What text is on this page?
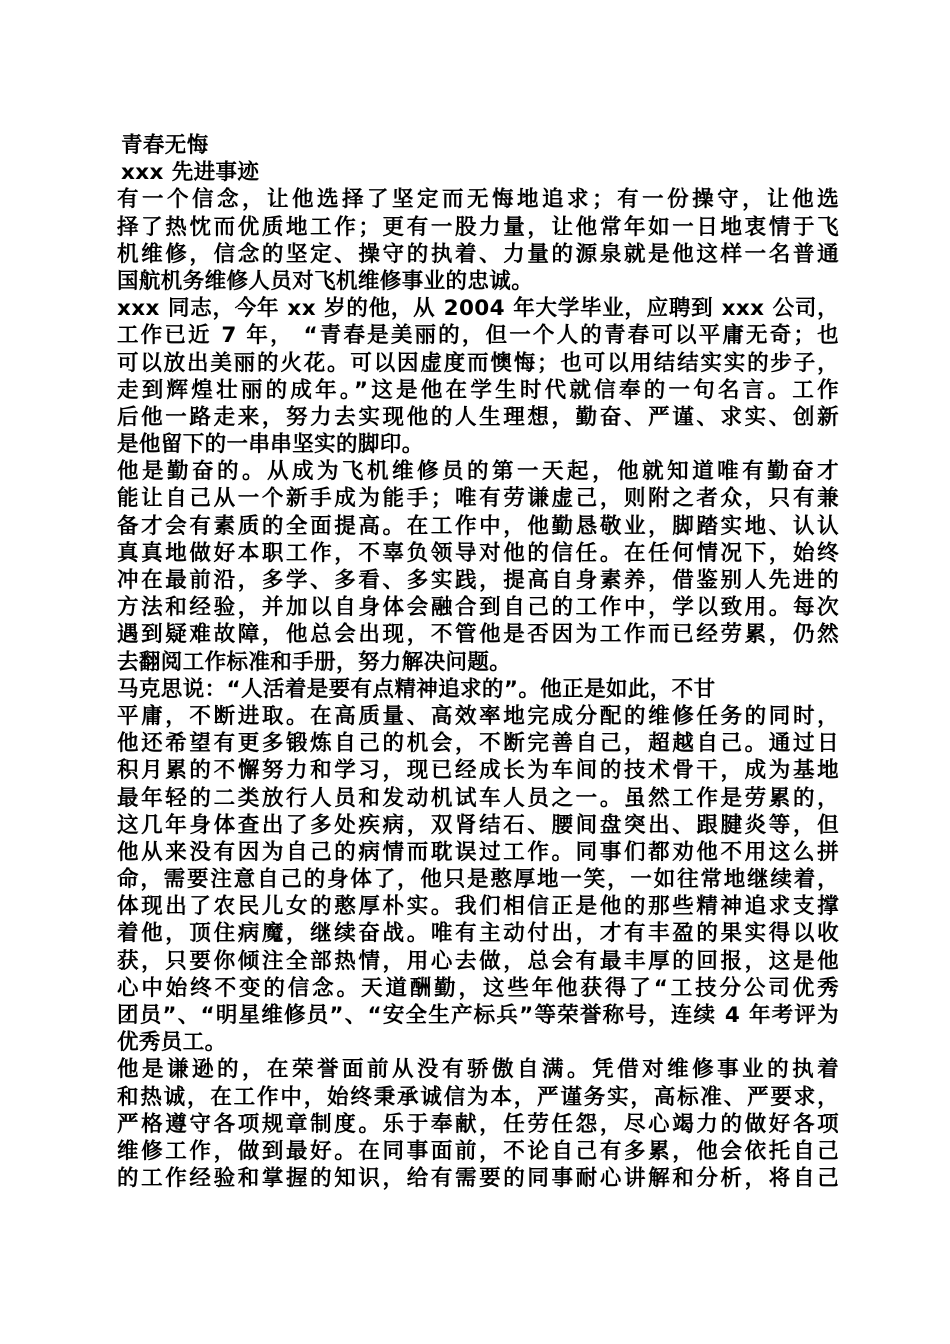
青春无悔
xxx 先进事迹
有一个信念，让他选择了坚定而无悔地追求；有一份操守，让他选
择了热忱而优质地工作；更有一股力量，让他常年如一日地衷情于飞
机维修，信念的坚定、操守的执着、力量的源泉就是他这样一名普通
国航机务维修人员对飞机维修事业的忠诚。
xxx 同志，今年 xx 岁的他，从 2004 年大学毕业，应聘到 xxx 公司，
工作已近 7 年， “青春是美丽的，但一个人的青春可以平庸无奇；也
可以放出美丽的火花。可以因虚度而懊悔；也可以用结结实实的步子，
走到辉煌壮丽的成年。”这是他在学生时代就信奉的一句名言。工作
后他一路走来，努力去实现他的人生理想，勤奋、严谨、求实、创新
是他留下的一串串坚实的脚印。
他是勤奋的。从成为飞机维修员的第一天起，他就知道唯有勤奋才
能让自己从一个新手成为能手；唯有劳谦虚己，则附之者众，只有兼
备才会有素质的全面提高。在工作中，他勤恳敬业，脚踏实地、认认
真真地做好本职工作，不辜负领导对他的信任。在任何情况下，始终
冲在最前沿，多学、多看、多实践，提高自身素养，借鉴别人先进的
方法和经验，并加以自身体会融合到自己的工作中，学以致用。每次
遇到疑难故障，他总会出现，不管他是否因为工作而已经劳累，仍然
去翻阅工作标准和手册，努力解决问题。
马克思说：“人活着是要有点精神追求的”。他正是如此，不甘
平庸，不断进取。在高质量、高效率地完成分配的维修任务的同时，
他还希望有更多锻炼自己的机会，不断完善自己，超越自己。通过日
积月累的不懈努力和学习，现已经成长为车间的技术骨干，成为基地
最年轻的二类放行人员和发动机试车人员之一。虽然工作是劳累的，
这几年身体查出了多处疾病，双肾结石、腰间盘突出、跟腱炎等，但
他从来没有因为自己的病情而耽误过工作。同事们都劝他不用这么拼
命，需要注意自己的身体了，他只是憨厚地一笑，一如往常地继续着，
体现出了农民儿女的憨厚朴实。我们相信正是他的那些精神追求支撑
着他，顶住病魔，继续奋战。唯有主动付出，才有丰盈的果实得以收
获，只要你倾注全部热情，用心去做，总会有最丰厚的回报，这是他
心中始终不变的信念。天道酬勤，这些年他获得了“工技分公司优秀
团员”、“明星维修员”、“安全生产标兵”等荣誉称号，连续 4 年考评为
优秀员工。
他是谦逊的，在荣誉面前从没有骄傲自满。凭借对维修事业的执着
和热诚，在工作中，始终秉承诚信为本，严谨务实，高标准、严要求，
严格遵守各项规章制度。乐于奉献，任劳任怨，尽心竭力的做好各项
维修工作，做到最好。在同事面前，不论自己有多累，他会依托自己
的工作经验和掌握的知识，给有需要的同事耐心讲解和分析，将自己
